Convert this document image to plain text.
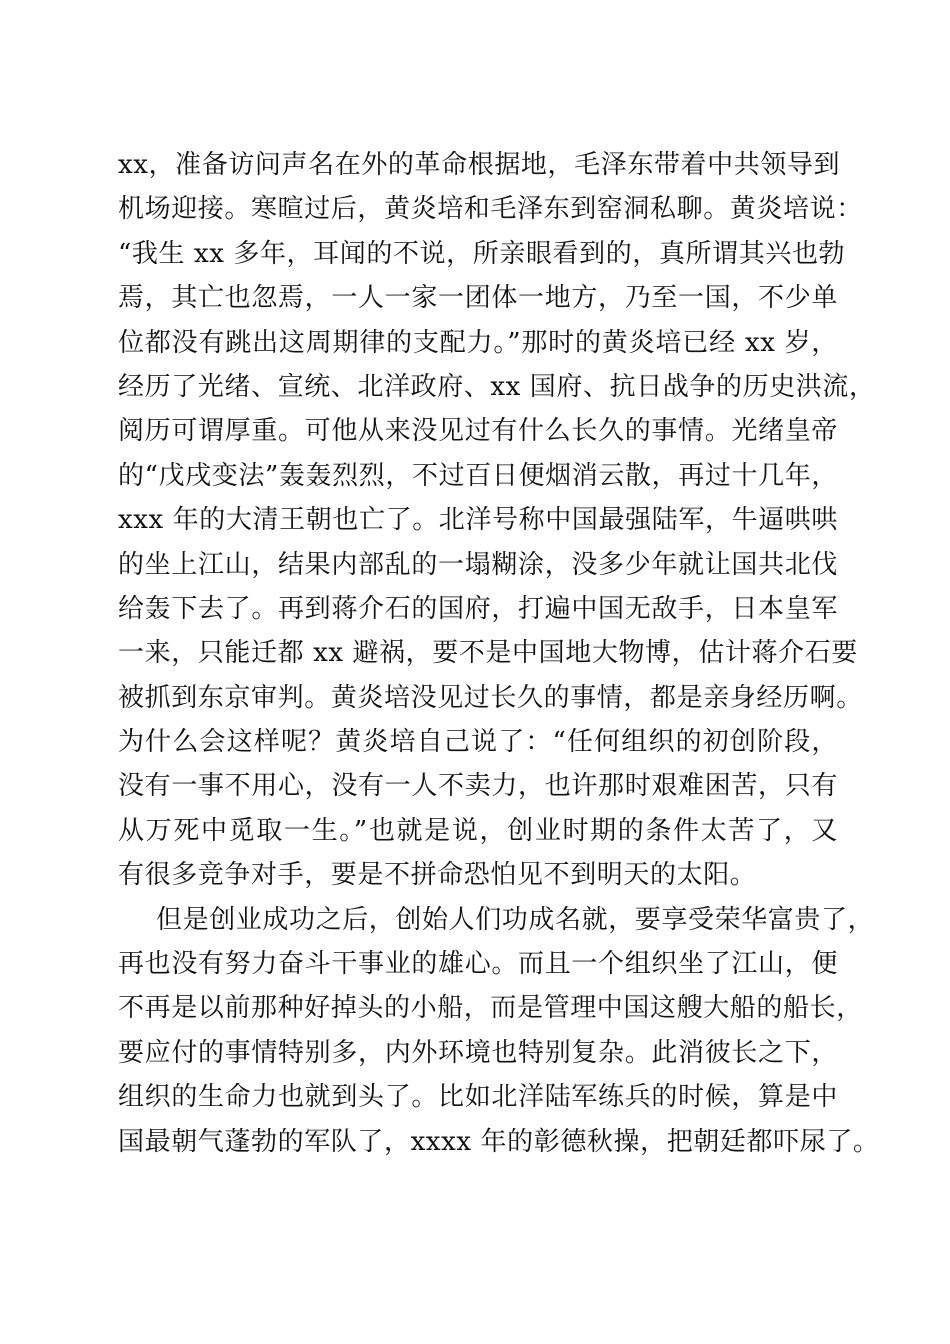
xx，准备访问声名在外的革命根据地，毛泽东带着中共领导到
机场迎接。寒暄过后，黄炎培和毛泽东到窑洞私聊。黄炎培说：
“我生 xx 多年，耳闻的不说，所亲眼看到的，真所谓其兴也勃
焉，其亡也忽焉，一人一家一团体一地方，乃至一国，不少单
位都没有跳出这周期律的支配力。”那时的黄炎培已经 xx 岁，
经历了光绪、宣统、北洋政府、xx 国府、抗日战争的历史洪流，
阅历可谓厚重。可他从来没见过有什么长久的事情。光绪皇帝
的“戊戌变法”轰轰烈烈，不过百日便烟消云散，再过十几年，
xxx 年的大清王朝也亡了。北洋号称中国最强陆军，牛逼哄哄
的坐上江山，结果内部乱的一塌糊涂，没多少年就让国共北伐
给轰下去了。再到蒋介石的国府，打遍中国无敌手，日本皇军
一来，只能迁都 xx 避祸，要不是中国地大物博，估计蒋介石要
被抓到东京审判。黄炎培没见过长久的事情，都是亲身经历啊。
为什么会这样呢？黄炎培自己说了：“任何组织的初创阶段，
没有一事不用心，没有一人不卖力，也许那时艰难困苦，只有
从万死中觅取一生。”也就是说，创业时期的条件太苦了，又
有很多竞争对手，要是不拼命恐怕见不到明天的太阳。
但是创业成功之后，创始人们功成名就，要享受荣华富贵了，
再也没有努力奋斗干事业的雄心。而且一个组织坐了江山，便
不再是以前那种好掉头的小船，而是管理中国这艘大船的船长，
要应付的事情特别多，内外环境也特别复杂。此消彼长之下，
组织的生命力也就到头了。比如北洋陆军练兵的时候，算是中
国最朝气蓬勃的军队了，xxxx 年的彰德秋操，把朝廷都吓尿了。
